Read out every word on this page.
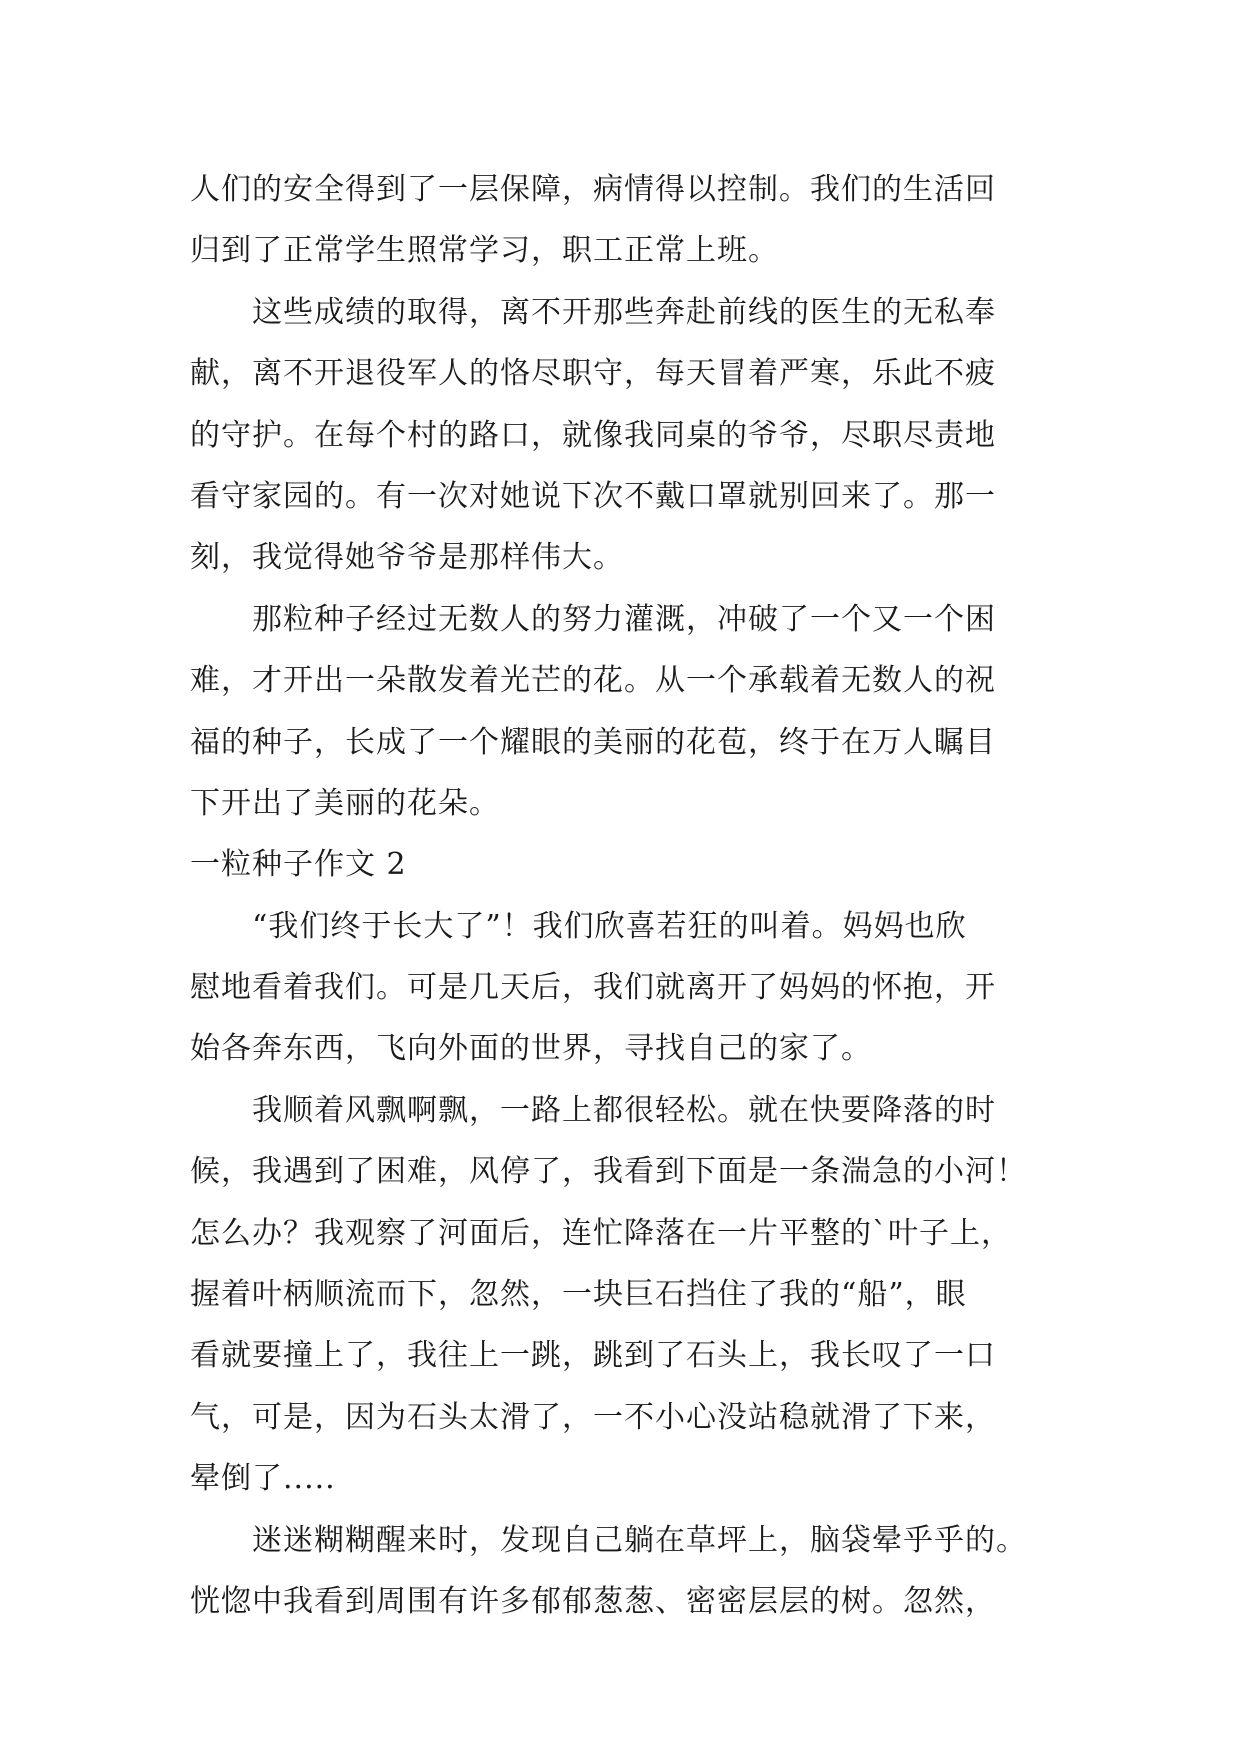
人们的安全得到了一层保障，病情得以控制。我们的生活回
归到了正常学生照常学习，职工正常上班。
这些成绩的取得，离不开那些奔赴前线的医生的无私奉
献，离不开退役军人的恪尽职守，每天冒着严寒，乐此不疲
的守护。在每个村的路口，就像我同桌的爷爷，尽职尽责地
看守家园的。有一次对她说下次不戴口罩就别回来了。那一
刻，我觉得她爷爷是那样伟大。
那粒种子经过无数人的努力灌溉，冲破了一个又一个困
难，才开出一朵散发着光芒的花。从一个承载着无数人的祝
福的种子，长成了一个耀眼的美丽的花苞，终于在万人瞩目
下开出了美丽的花朵。
一粒种子作文 2
“我们终于长大了”！我们欣喜若狂的叫着。妈妈也欣
慰地看着我们。可是几天后，我们就离开了妈妈的怀抱，开
始各奔东西，飞向外面的世界，寻找自己的家了。
我顺着风飘啊飘，一路上都很轻松。就在快要降落的时
候，我遇到了困难，风停了，我看到下面是一条湍急的小河！
怎么办？我观察了河面后，连忙降落在一片平整的`叶子上，
握着叶柄顺流而下，忽然，一块巨石挡住了我的“船”，眼
看就要撞上了，我往上一跳，跳到了石头上，我长叹了一口
气，可是，因为石头太滑了，一不小心没站稳就滑了下来，
晕倒了.....
迷迷糊糊醒来时，发现自己躺在草坪上，脑袋晕乎乎的。
恍惚中我看到周围有许多郁郁葱葱、密密层层的树。忽然，
